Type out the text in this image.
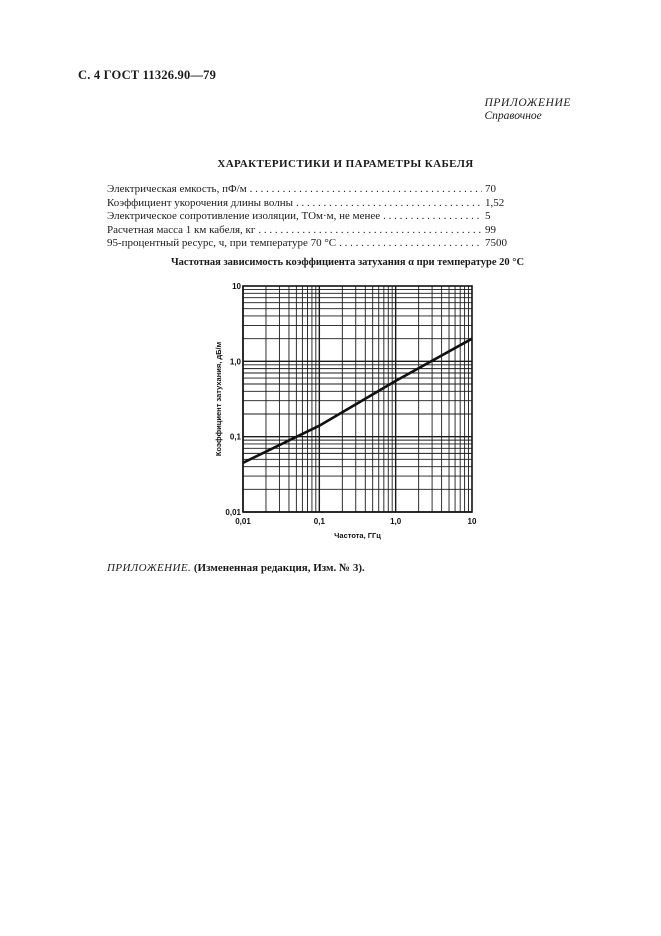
С. 4 ГОСТ 11326.90—79
ПРИЛОЖЕНИЕ
Справочное
ХАРАКТЕРИСТИКИ И ПАРАМЕТРЫ КАБЕЛЯ
Электрическая емкость, пФ/м . . .	70
Коэффициент укорочения длины волны . . .	1,52
Электрическое сопротивление изоляции, ТОм·м, не менее . . .	5
Расчетная масса 1 км кабеля, кг . . .	99
95-процентный ресурс, ч, при температуре 70 °С . . .	7500
Частотная зависимость коэффициента затухания α при температуре 20 °С
0,01	0,1	1,0	10
0,01
0,1
1,0
10
Частота, ГГц
Коэффициент затухания, дБ/м
ПРИЛОЖЕНИЕ. (Измененная редакция, Изм. № 3).
